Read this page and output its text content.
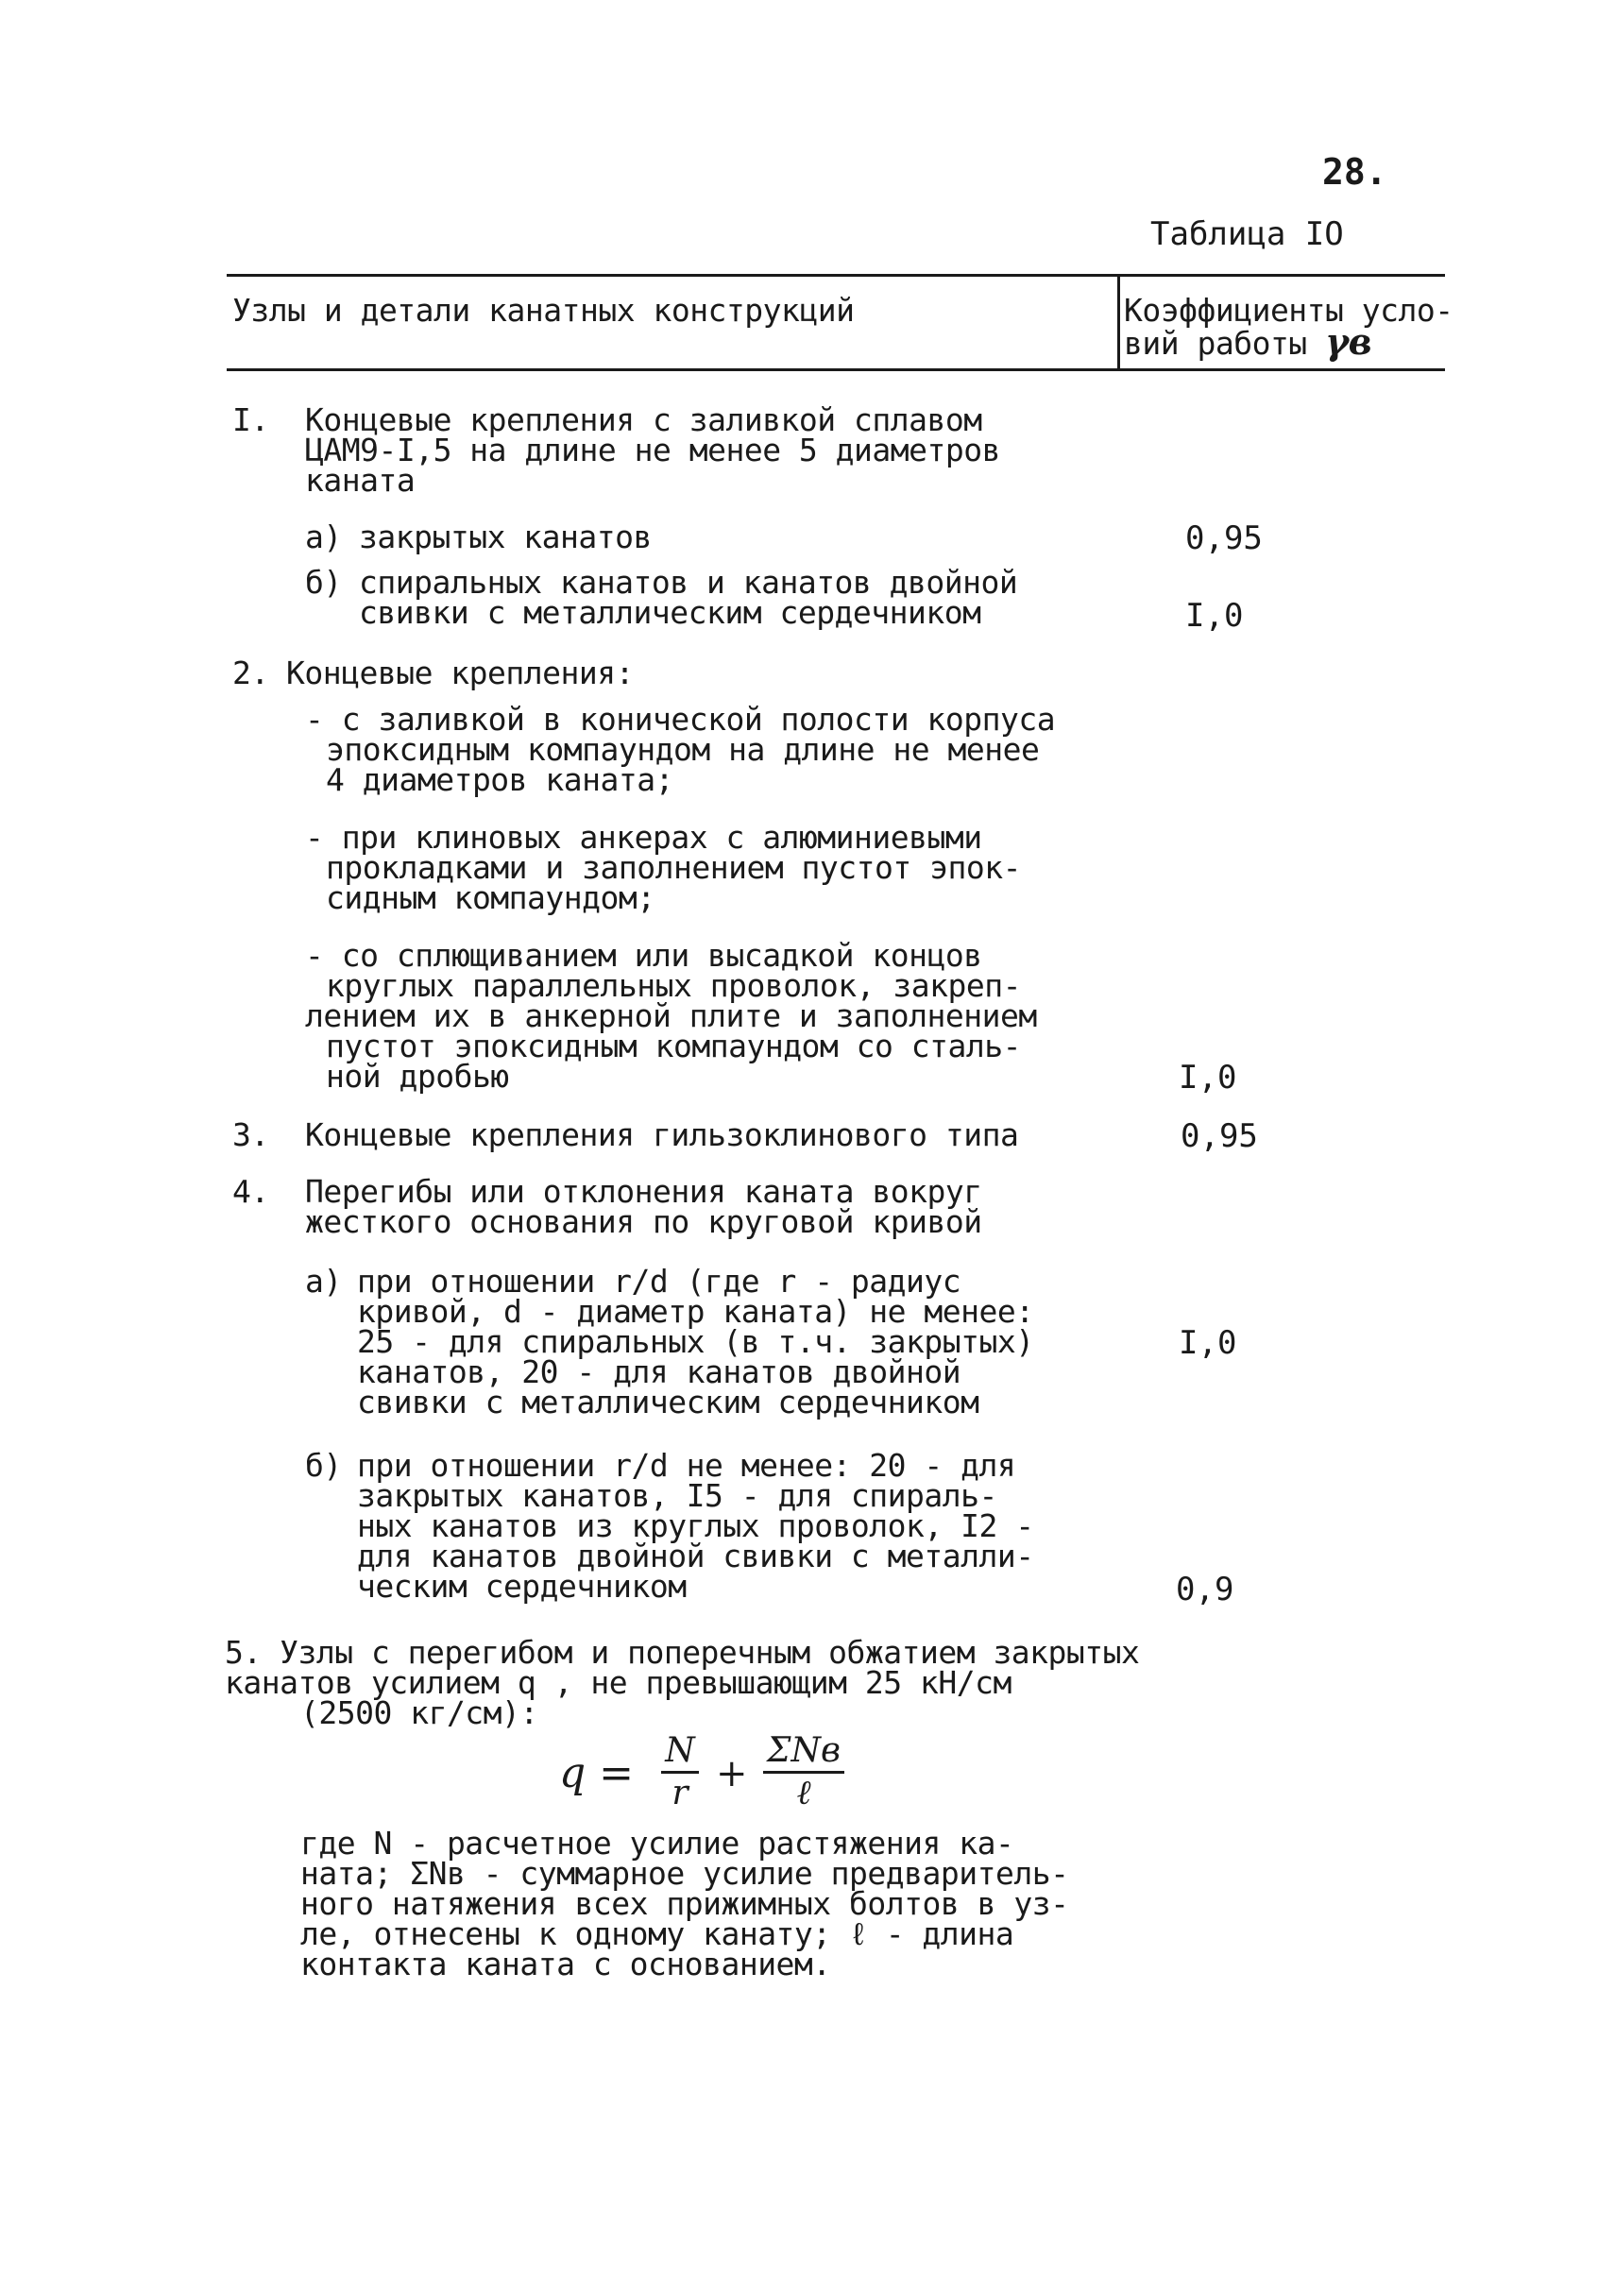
28.
Таблица IO
Узлы и детали канатных конструкций	Коэффициенты усло-
вий работы γв
I. Концевые крепления с заливкой сплавом
ЦАМ9-I,5 на длине не менее 5 диаметров
каната
а) закрытых канатов	0,95
б) спиральных канатов и канатов двойной
свивки с металлическим сердечником	I,0
2. Концевые крепления:
- с заливкой в конической полости корпуса
эпоксидным компаундом на длине не менее
4 диаметров каната;
- при клиновых анкерах с алюминиевыми
прокладками и заполнением пустот эпок-
сидным компаундом;
- со сплющиванием или высадкой концов
круглых параллельных проволок, закреп-
лением их в анкерной плите и заполнением
пустот эпоксидным компаундом со сталь-
ной дробью	I,0
3. Концевые крепления гильзоклинового типа	0,95
4. Перегибы или отклонения каната вокруг
жесткого основания по круговой кривой
а) при отношении r/d (где r - радиус
кривой, d - диаметр каната) не менее:
25 - для спиральных (в т.ч. закрытых)
канатов, 20 - для канатов двойной
свивки с металлическим сердечником
I,0
б) при отношении r/d не менее: 20 - для
закрытых канатов, I5 - для спираль-
ных канатов из круглых проволок, I2 -
для канатов двойной свивки с металли-
ческим сердечником	0,9
5. Узлы с перегибом и поперечным обжатием закрытых
канатов усилием q , не превышающим 25 кН/см
(2500 кг/см):
q = N
r +
ΣNв
ℓ
где N - расчетное усилие растяжения ка-
ната; ΣNв - суммарное усилие предваритель-
ного натяжения всех прижимных болтов в уз-
ле, отнесены к одному канату; ℓ - длина
контакта каната с основанием.
